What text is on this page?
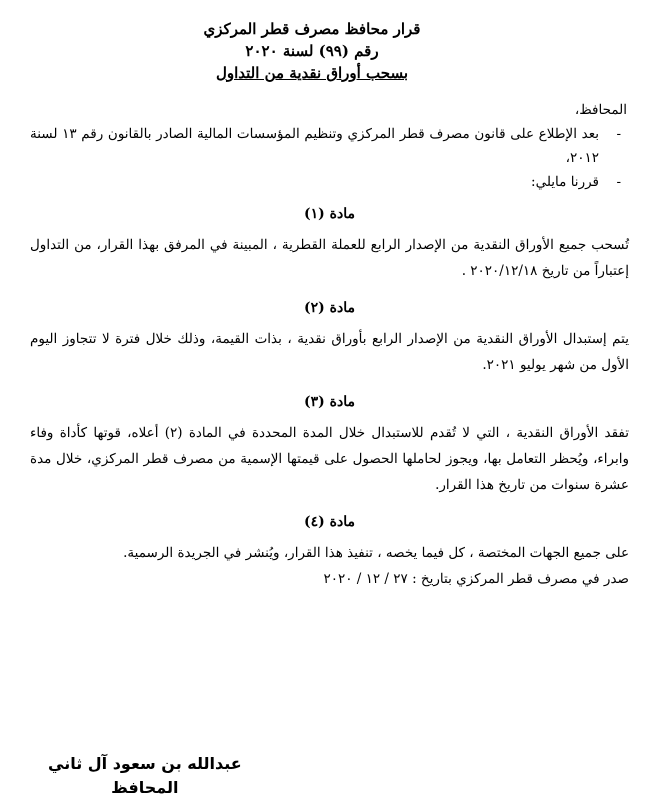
قرار محافظ مصرف قطر المركزي
رقم (٩٩) لسنة ٢٠٢٠
بسحب أوراق نقدية من التداول
المحافظ،
-
بعد الإطلاع على قانون مصرف قطر المركزي وتنظيم المؤسسات المالية الصادر بالقانون رقم ١٣ لسنة ٢٠١٢،
-
قررنا مايلي:
مادة (١)

تُسحب جميع الأوراق النقدية من الإصدار الرابع للعملة القطرية ، المبينة في المرفق بهذا القرار، من التداول إعتباراً من تاريخ ٢٠٢٠/١٢/١٨ .

مادة (٢)

يتم إستبدال الأوراق النقدية من الإصدار الرابع بأوراق نقدية ، بذات القيمة، وذلك خلال فترة لا تتجاوز اليوم الأول من شهر يوليو ٢٠٢١.

مادة (٣)

تفقد الأوراق النقدية ، التي لا تُقدم للاستبدال خلال المدة المحددة في المادة (٢) أعلاه، قوتها كأداة وفاء وابراء، ويُحظر التعامل بها، ويجوز لحاملها الحصول على قيمتها الإسمية من مصرف قطر المركزي، خلال مدة عشرة سنوات من تاريخ هذا القرار.

مادة (٤)

على جميع الجهات المختصة ، كل فيما يخصه ، تنفيذ هذا القرار، ويُنشر في الجريدة الرسمية.

صدر في مصرف قطر المركزي بتاريخ : ٢٧ / ١٢ / ٢٠٢٠
عبدالله بن سعود آل ثاني
المحافظ
